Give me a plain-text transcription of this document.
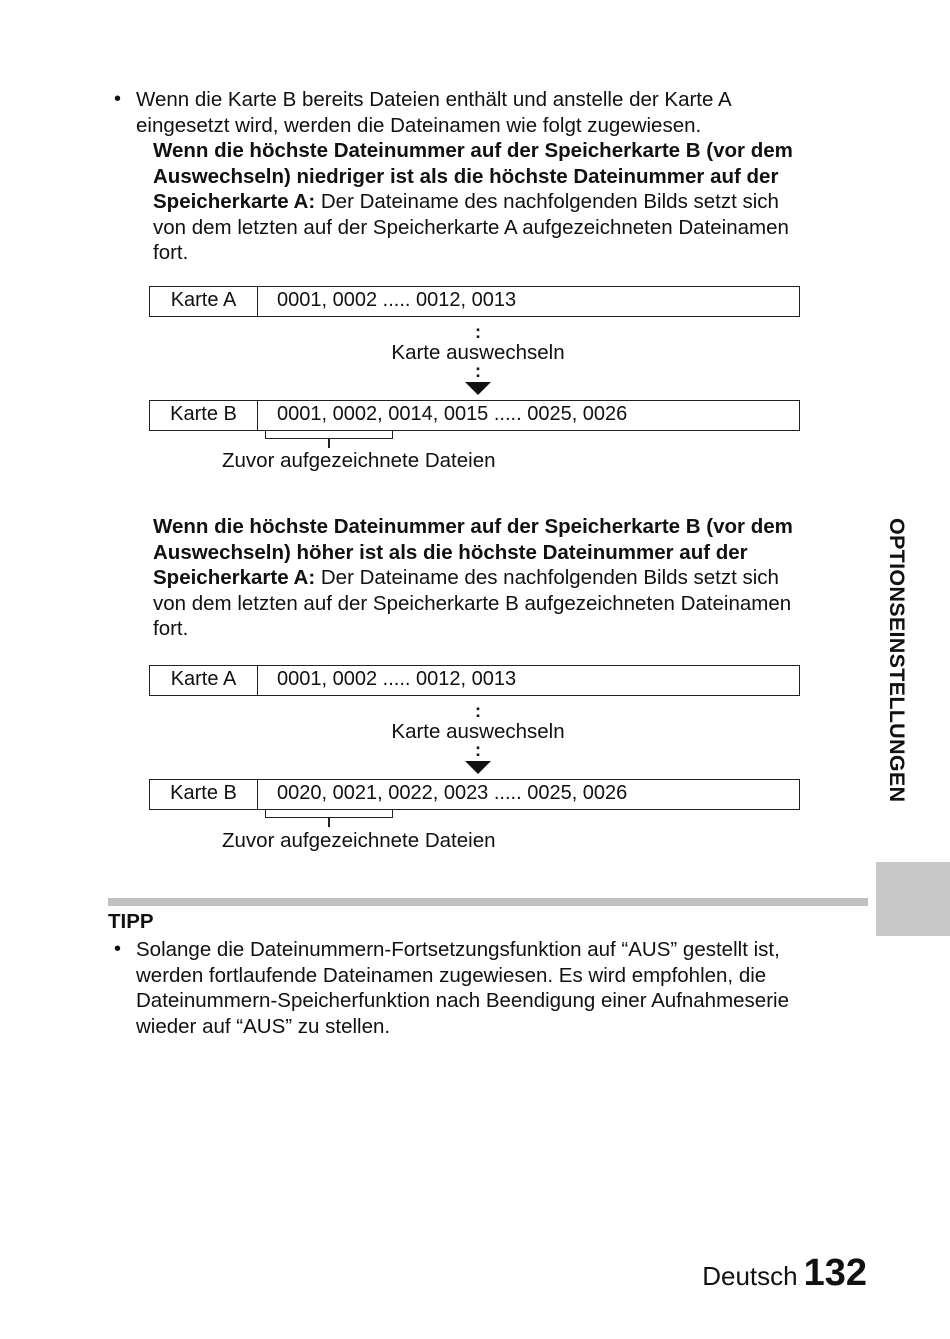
• Wenn die Karte B bereits Dateien enthält und anstelle der Karte A
eingesetzt wird, werden die Dateinamen wie folgt zugewiesen.
Wenn die höchste Dateinummer auf der Speicherkarte B (vor dem
Auswechseln) niedriger ist als die höchste Dateinummer auf der
Speicherkarte A: Der Dateiname des nachfolgenden Bilds setzt sich
von dem letzten auf der Speicherkarte A aufgezeichneten Dateinamen
fort.
Karte A	0001, 0002 ..... 0012, 0013
:
Karte auswechseln
:
Karte B	0001, 0002, 0014, 0015 ..... 0025, 0026
Zuvor aufgezeichnete Dateien
Wenn die höchste Dateinummer auf der Speicherkarte B (vor dem
Auswechseln) höher ist als die höchste Dateinummer auf der
Speicherkarte A: Der Dateiname des nachfolgenden Bilds setzt sich
von dem letzten auf der Speicherkarte B aufgezeichneten Dateinamen
fort.
Karte A	0001, 0002 ..... 0012, 0013
:
Karte auswechseln
:
Karte B	0020, 0021, 0022, 0023 ..... 0025, 0026
Zuvor aufgezeichnete Dateien
TIPP
• Solange die Dateinummern-Fortsetzungsfunktion auf “AUS” gestellt ist,
werden fortlaufende Dateinamen zugewiesen. Es wird empfohlen, die
Dateinummern-Speicherfunktion nach Beendigung einer Aufnahmeserie
wieder auf “AUS” zu stellen.
OPTIONSEINSTELLUNGEN
Deutsch 132
